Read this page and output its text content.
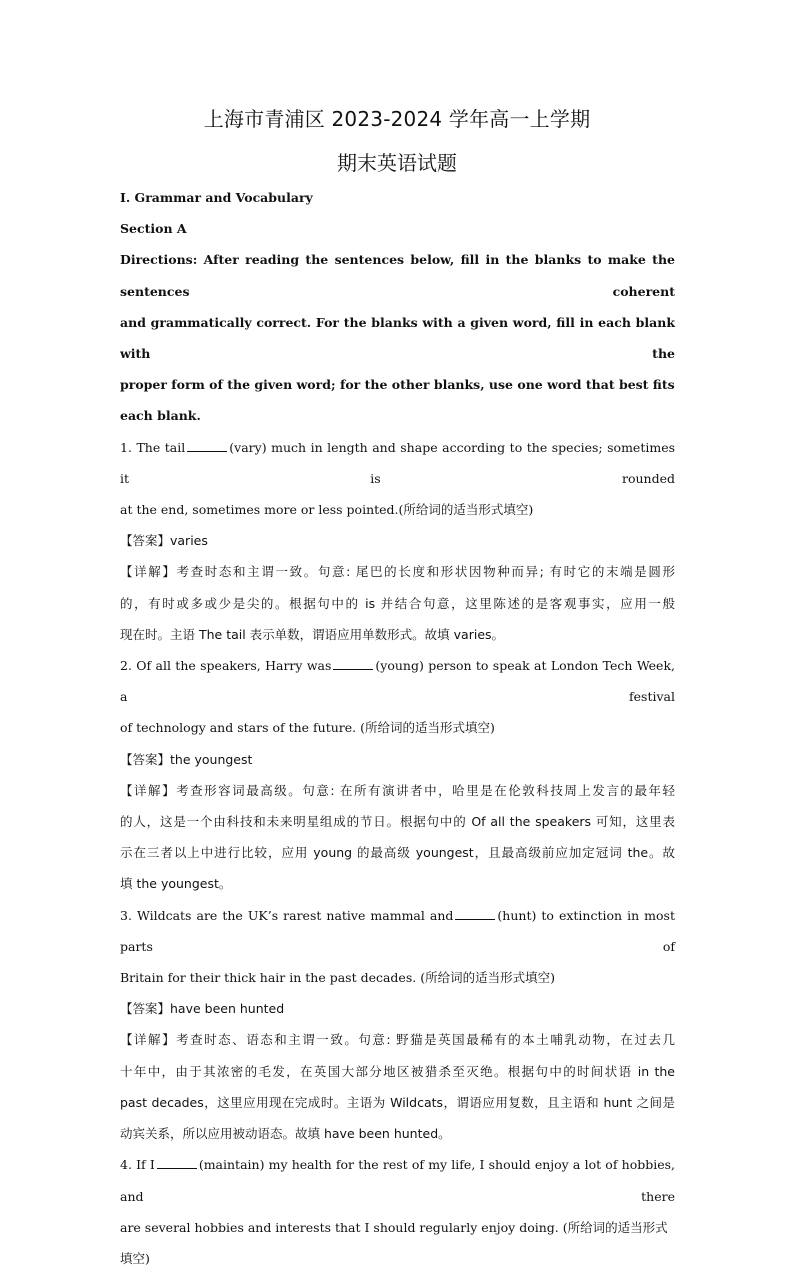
上海市青浦区 2023-2024 学年高一上学期
期末英语试题
I. Grammar and Vocabulary
Section A
Directions: After reading the sentences below, fill in the blanks to make the sentences coherent
and grammatically correct. For the blanks with a given word, fill in each blank with the
proper form of the given word; for the other blanks, use one word that best fits each blank.
1. The tail	(vary) much in length and shape according to the species; sometimes it is rounded
at the end, sometimes more or less pointed.(所给词的适当形式填空)
【答案】varies
【详解】考查时态和主谓一致。句意: 尾巴的长度和形状因物种而异; 有时它的末端是圆形
的，有时或多或少是尖的。根据句中的 is 并结合句意，这里陈述的是客观事实，应用一般
现在时。主语 The tail 表示单数，谓语应用单数形式。故填 varies。
2. Of all the speakers, Harry was	(young) person to speak at London Tech Week, a festival
of technology and stars of the future. (所给词的适当形式填空)
【答案】the youngest
【详解】考查形容词最高级。句意: 在所有演讲者中，哈里是在伦敦科技周上发言的最年轻
的人，这是一个由科技和未来明星组成的节日。根据句中的 Of all the speakers 可知，这里表
示在三者以上中进行比较，应用 young 的最高级 youngest，且最高级前应加定冠词 the。故
填 the youngest。
3. Wildcats are the UK’s rarest native mammal and	(hunt) to extinction in most parts of
Britain for their thick hair in the past decades. (所给词的适当形式填空)
【答案】have been hunted
【详解】考查时态、语态和主谓一致。句意: 野猫是英国最稀有的本土哺乳动物，在过去几
十年中，由于其浓密的毛发，在英国大部分地区被猎杀至灭绝。根据句中的时间状语 in the
past decades，这里应用现在完成时。主语为 Wildcats，谓语应用复数，且主语和 hunt 之间是
动宾关系，所以应用被动语态。故填 have been hunted。
4. If I	(maintain) my health for the rest of my life, I should enjoy a lot of hobbies, and there
are several hobbies and interests that I should regularly enjoy doing. (所给词的适当形式填空)
